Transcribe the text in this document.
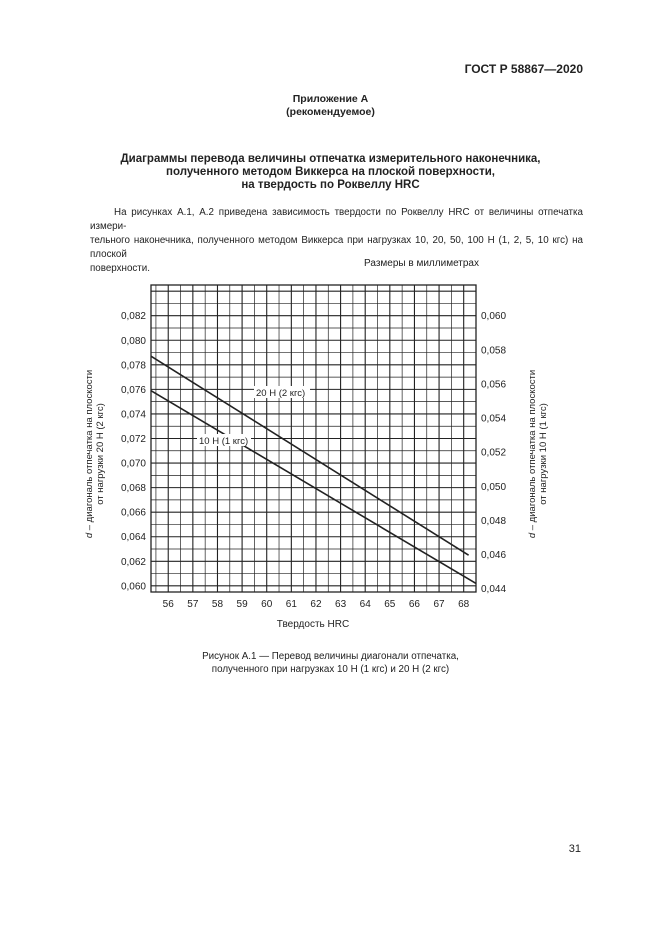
ГОСТ Р 58867—2020
Приложение А
(рекомендуемое)
Диаграммы перевода величины отпечатка измерительного наконечника,
полученного методом Виккерса на плоской поверхности,
на твердость по Роквеллу HRC
На рисунках А.1, А.2 приведена зависимость твердости по Роквеллу HRC от величины отпечатка измери-
тельного наконечника, полученного методом Виккерса при нагрузках 10, 20, 50, 100 Н (1, 2, 5, 10 кгс) на плоской
поверхности.	Размеры в миллиметрах
0,060
0,062
0,064
0,066
0,068
0,070
0,072
0,074
0,076
0,078
0,080
0,082
0,044
0,046
0,048
0,050
0,052
0,054
0,056
0,058
0,060
56 57 58 59 60 61 62 63 64 65 66 67 68
20 Н (2 кгс)
10 Н (1 кгс)
Твердость HRC
d – диагональ отпечатка на плоскости от нагрузки 20 Н (2 кгс)
d – диагональ отпечатка на плоскости от нагрузки 10 Н (1 кгс)
Рисунок А.1 — Перевод величины диагонали отпечатка,
полученного при нагрузках 10 Н (1 кгс) и 20 Н (2 кгс)
31
